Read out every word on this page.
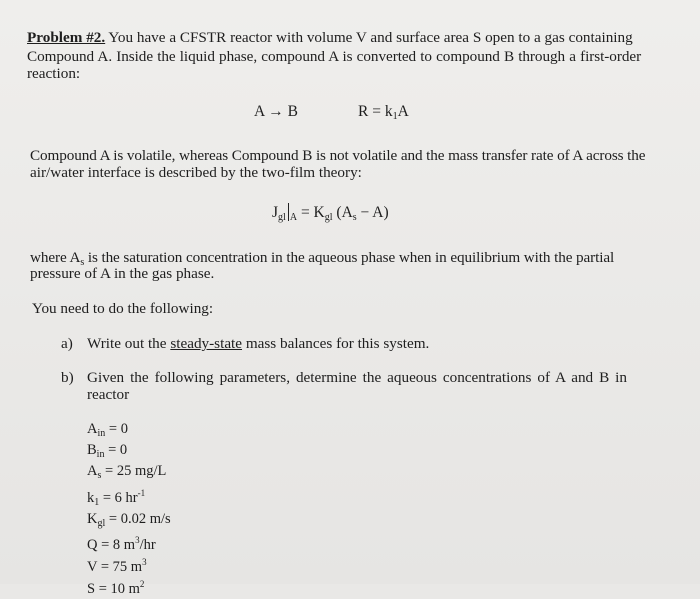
Problem #2. You have a CFSTR reactor with volume V and surface area S open to a gas containing
Compound A. Inside the liquid phase, compound A is converted to compound B through a first-order
reaction:
A → B	$R = k_1A$
Compound A is volatile, whereas Compound B is not volatile and the mass transfer rate of A across the
air/water interface is described by the two-film theory:
$J_{gl}$ $_A = K_{gl}$ $(A_s - A)$
where $A_s$ is the saturation concentration in the aqueous phase when in equilibrium with the partial
pressure of A in the gas phase.
You need to do the following:
a) Write out the steady-state mass balances for this system.
b) Given the following parameters, determine the aqueous concentrations of A and B in
reactor
$A_{in} = 0$
$B_{in} = 0$
$A_s = 25$ mg/L
$k_1 = 6$ $hr^{-1}$
$K_{gl} = 0.02$ m/s
Q = 8 $m^3/hr$
V = 75 $m^3$
S = 10 $m^2$
